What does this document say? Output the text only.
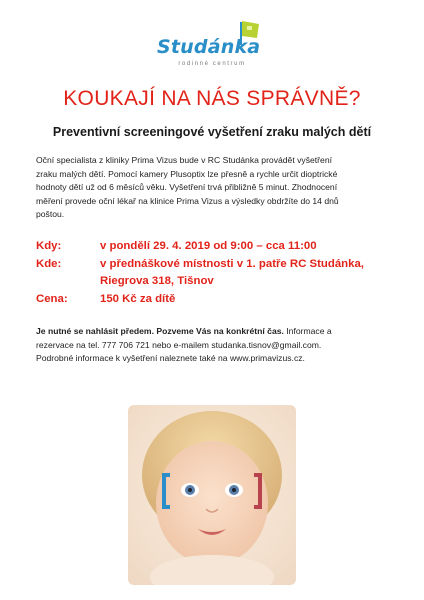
Studánka
rodinné centrum
KOUKAJÍ NA NÁS SPRÁVNĚ?
Preventivní screeningové vyšetření zraku malých dětí
Oční specialista z kliniky Prima Vizus bude v RC Studánka provádět vyšetření
zraku malých dětí. Pomocí kamery Plusoptix lze přesně a rychle určit dioptrické
hodnoty dětí už od 6 měsíců věku. Vyšetření trvá přibližně 5 minut. Zhodnocení
měření provede oční lékař na klinice Prima Vizus a výsledky obdržíte do 14 dnů
poštou.
Kdy:	v pondělí 29. 4. 2019 od 9:00 – cca 11:00
Kde:	v přednáškové místnosti v 1. patře RC Studánka,
Riegrova 318, Tišnov
Cena:	150 Kč za dítě
Je nutné se nahlásit předem. Pozveme Vás na konkrétní čas. Informace a
rezervace na tel. 777 706 721 nebo e-mailem studanka.tisnov@gmail.com.
Podrobné informace k vyšetření naleznete také na www.primavizus.cz.
